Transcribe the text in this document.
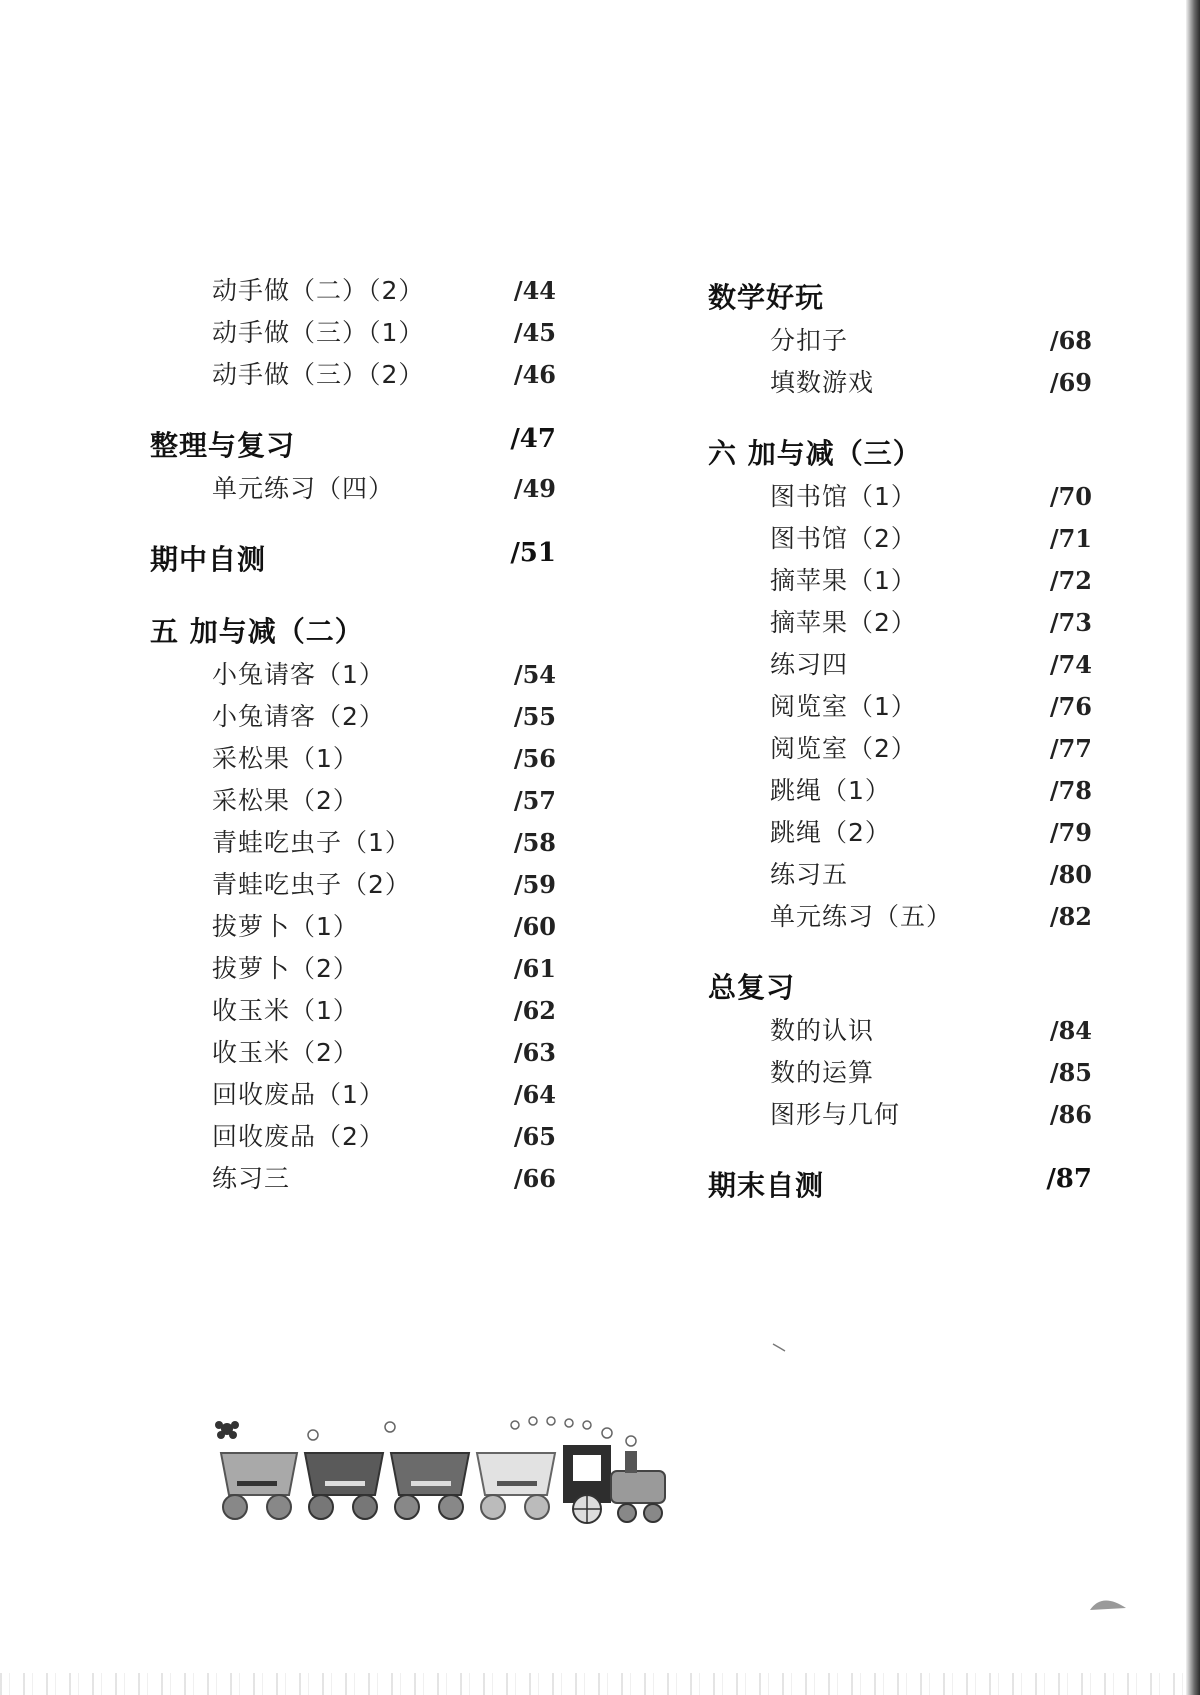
动手做（二）（2）	/44
动手做（三）（1）	/45
动手做（三）（2）	/46
整理与复习	/47
单元练习（四）	/49
期中自测	/51
五 加与减（二）
小兔请客（1）	/54
小兔请客（2）	/55
采松果（1）	/56
采松果（2）	/57
青蛙吃虫子（1）	/58
青蛙吃虫子（2）	/59
拔萝卜（1）	/60
拔萝卜（2）	/61
收玉米（1）	/62
收玉米（2）	/63
回收废品（1）	/64
回收废品（2）	/65
练习三	/66
数学好玩
分扣子	/68
填数游戏	/69
六 加与减（三）
图书馆（1）	/70
图书馆（2）	/71
摘苹果（1）	/72
摘苹果（2）	/73
练习四	/74
阅览室（1）	/76
阅览室（2）	/77
跳绳（1）	/78
跳绳（2）	/79
练习五	/80
单元练习（五）	/82
总复习
数的认识	/84
数的运算	/85
图形与几何	/86
期末自测	/87
